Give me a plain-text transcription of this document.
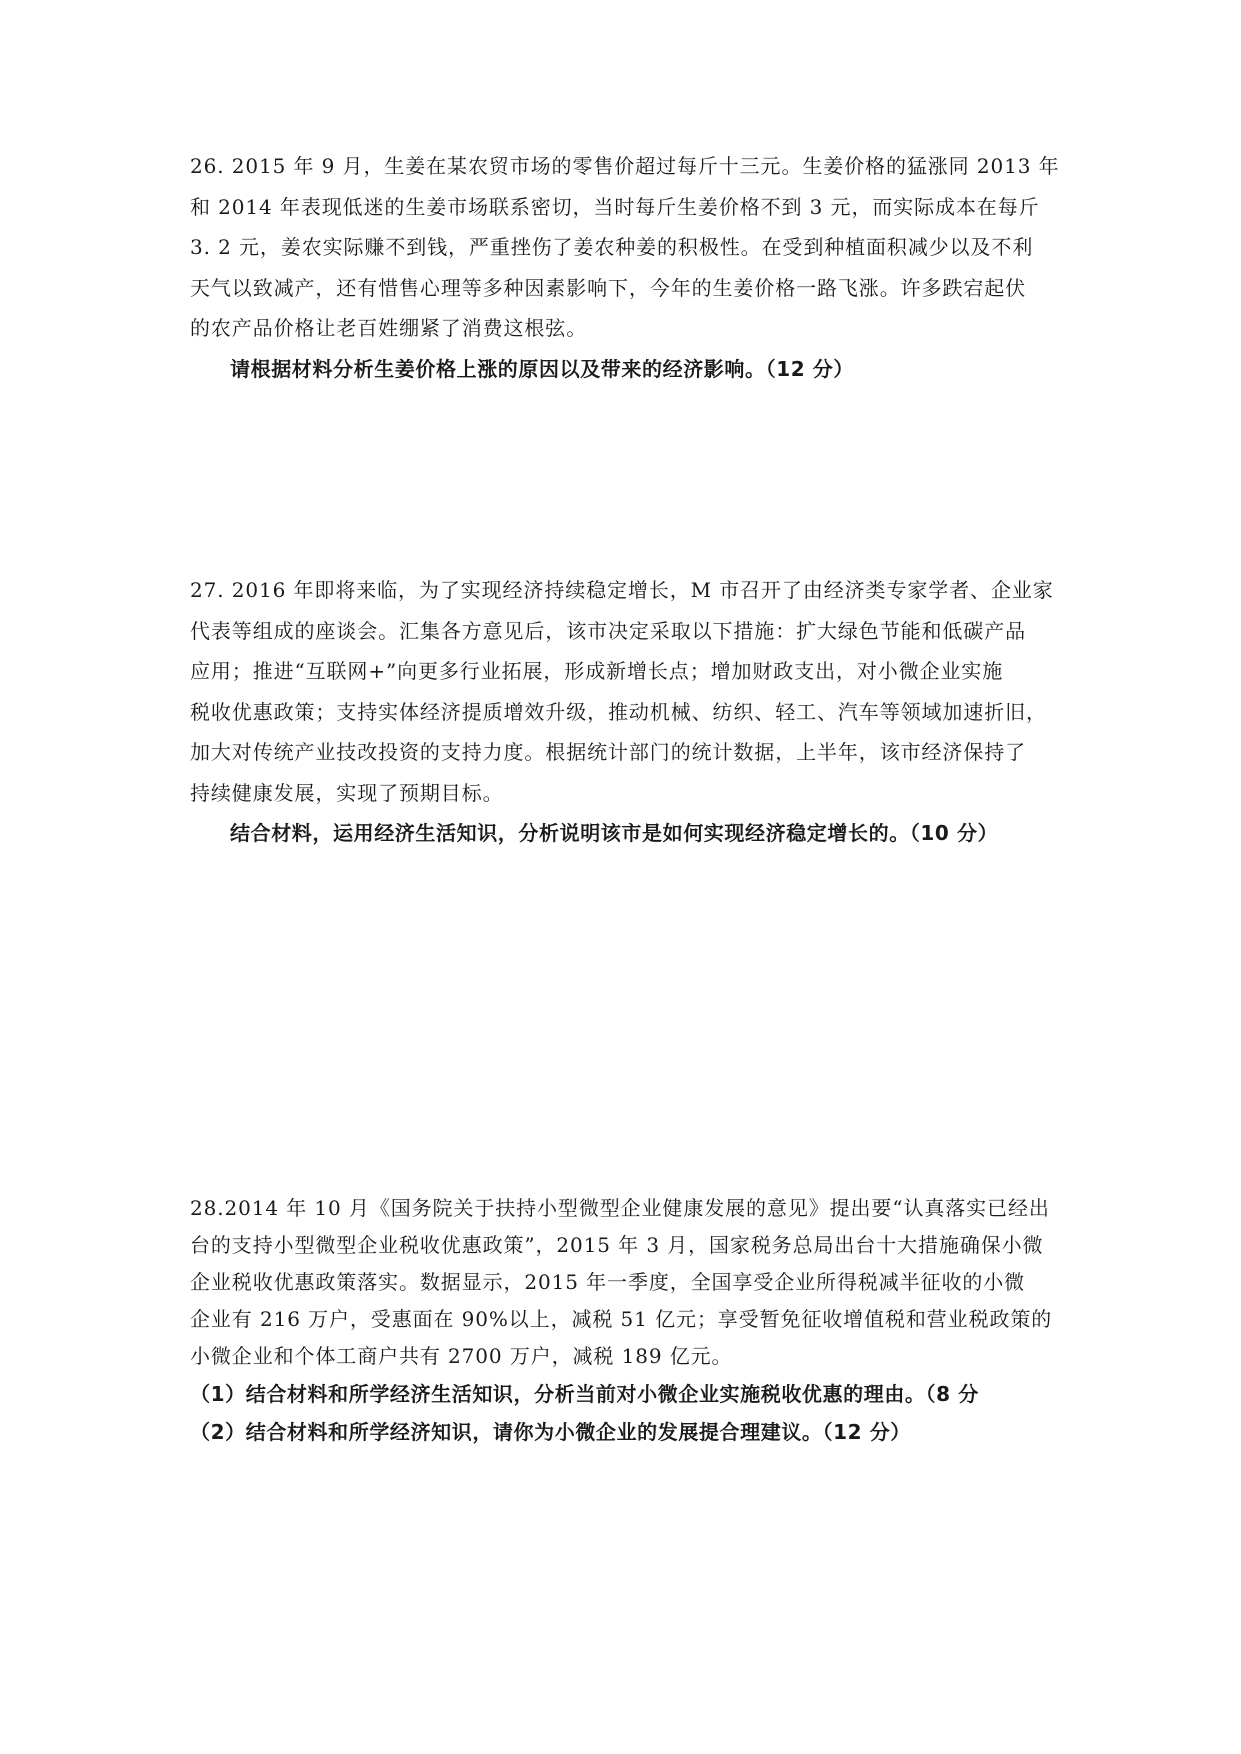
26. 2015 年 9 月，生姜在某农贸市场的零售价超过每斤十三元。生姜价格的猛涨同 2013 年
和 2014 年表现低迷的生姜市场联系密切，当时每斤生姜价格不到 3 元，而实际成本在每斤
3. 2 元，姜农实际赚不到钱，严重挫伤了姜农种姜的积极性。在受到种植面积减少以及不利
天气以致减产，还有惜售心理等多种因素影响下，今年的生姜价格一路飞涨。许多跌宕起伏
的农产品价格让老百姓绷紧了消费这根弦。

请根据材料分析生姜价格上涨的原因以及带来的经济影响。（12 分）

27. 2016 年即将来临，为了实现经济持续稳定增长，M 市召开了由经济类专家学者、企业家
代表等组成的座谈会。汇集各方意见后，该市决定采取以下措施：扩大绿色节能和低碳产品
应用；推进“互联网+”向更多行业拓展，形成新增长点；增加财政支出，对小微企业实施
税收优惠政策；支持实体经济提质增效升级，推动机械、纺织、轻工、汽车等领域加速折旧，
加大对传统产业技改投资的支持力度。根据统计部门的统计数据，上半年，该市经济保持了
持续健康发展，实现了预期目标。

结合材料，运用经济生活知识，分析说明该市是如何实现经济稳定增长的。（10 分）

28.2014 年 10 月《国务院关于扶持小型微型企业健康发展的意见》提出要“认真落实已经出
台的支持小型微型企业税收优惠政策”，2015 年 3 月，国家税务总局出台十大措施确保小微
企业税收优惠政策落实。数据显示，2015 年一季度，全国享受企业所得税减半征收的小微
企业有 216 万户，受惠面在 90%以上，减税 51 亿元；享受暂免征收增值税和营业税政策的
小微企业和个体工商户共有 2700 万户，减税 189 亿元。

（1）结合材料和所学经济生活知识，分析当前对小微企业实施税收优惠的理由。（8 分

（2）结合材料和所学经济知识，请你为小微企业的发展提合理建议。（12 分）
